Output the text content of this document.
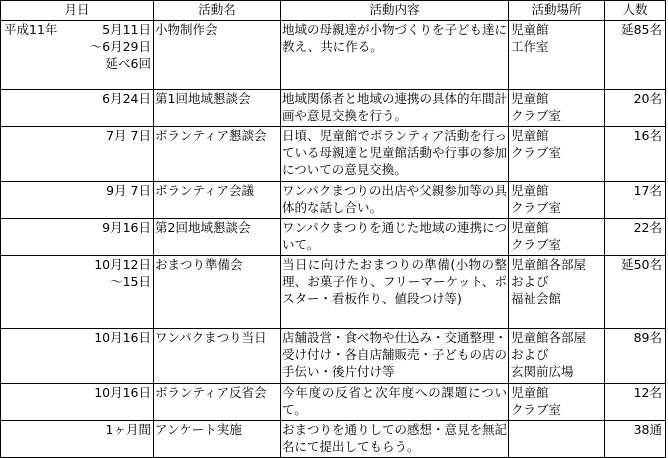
月日	活動名	活動内容	活動場所	人数

平成11年 5月11日
～6月29日
延べ6回	小物制作会	地域の母親達が小物づくりを子ども達に教え、共に作る。	児童館
工作室	延85名

6月24日	第1回地域懇談会	地域関係者と地域の連携の具体的年間計画や意見交換を行う。	児童館
クラブ室	20名

7月 7日	ボランティア懇談会	日頃、児童館でボランティア活動を行っている母親達と児童館活動や行事の参加についての意見交換。	児童館
クラブ室	16名

9月 7日	ボランティア会議	ワンパクまつりの出店や父親参加等の具体的な話し合い。	児童館
クラブ室	17名

9月16日	第2回地域懇談会	ワンパクまつりを通じた地域の連携について。	児童館
クラブ室	22名

10月12日
～15日	おまつり準備会	当日に向けたおまつりの準備(小物の整理、お菓子作り、フリーマーケット、ポスター・看板作り、値段つけ等)	児童館各部屋
および
福祉会館	延50名

10月16日	ワンパクまつり当日	店舗設営・食べ物や仕込み・交通整理・受け付け・各自店舗販売・子どもの店の手伝い・後片付け等	児童館各部屋
および
玄関前広場	89名

10月16日	ボランティア反省会	今年度の反省と次年度への課題について。	児童館
クラブ室	12名

1ヶ月間	アンケート実施	おまつりを通りしての感想・意見を無記名にて提出してもらう。		38通
